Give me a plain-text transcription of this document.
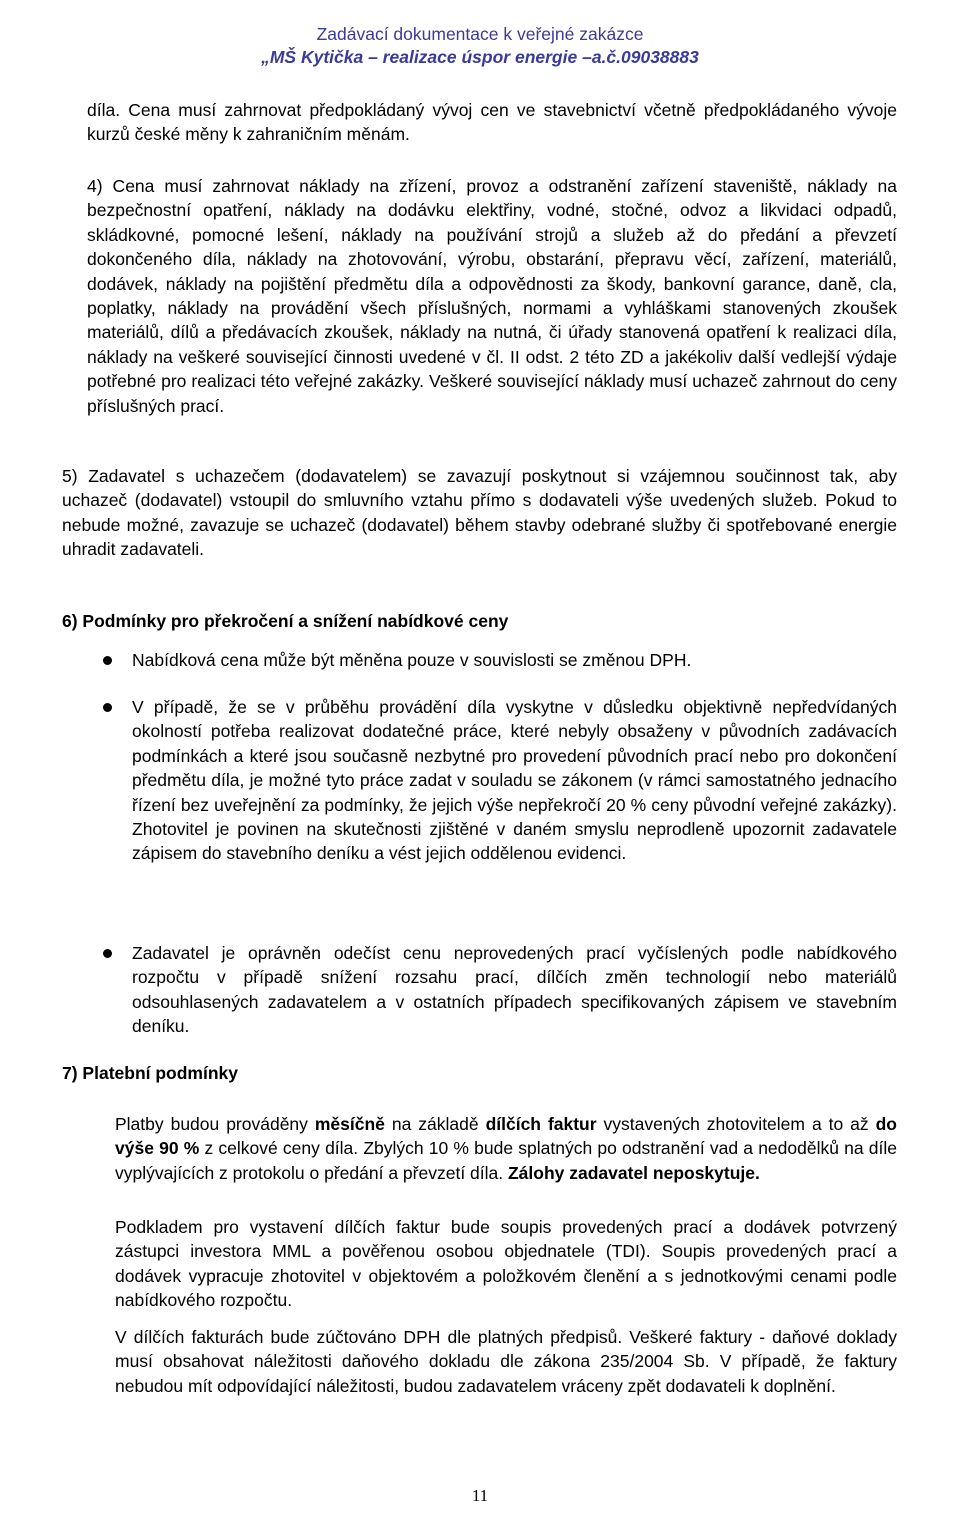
Zadávací dokumentace k veřejné zakázce
„MŠ Kytička – realizace úspor energie –a.č.09038883
díla. Cena musí zahrnovat předpokládaný vývoj cen ve stavebnictví včetně předpokládaného vývoje kurzů české měny k zahraničním měnám.
4) Cena musí zahrnovat náklady na zřízení, provoz a odstranění zařízení staveniště, náklady na bezpečnostní opatření, náklady na dodávku elektřiny, vodné, stočné, odvoz a likvidaci odpadů, skládkovné, pomocné lešení, náklady na používání strojů a služeb až do předání a převzetí dokončeného díla, náklady na zhotovování, výrobu, obstarání, přepravu věcí, zařízení, materiálů, dodávek, náklady na pojištění předmětu díla a odpovědnosti za škody, bankovní garance, daně, cla, poplatky, náklady na provádění všech příslušných, normami a vyhláškami stanovených zkoušek materiálů, dílů a předávacích zkoušek, náklady na nutná, či úřady stanovená opatření k realizaci díla, náklady na veškeré související činnosti uvedené v čl. II odst. 2 této ZD a jakékoliv další vedlejší výdaje potřebné pro realizaci této veřejné zakázky. Veškeré související náklady musí uchazeč zahrnout do ceny příslušných prací.
5) Zadavatel s uchazečem (dodavatelem) se zavazují poskytnout si vzájemnou součinnost tak, aby uchazeč (dodavatel) vstoupil do smluvního vztahu přímo s dodavateli výše uvedených služeb. Pokud to nebude možné, zavazuje se uchazeč (dodavatel) během stavby odebrané služby či spotřebované energie uhradit zadavateli.
6) Podmínky pro překročení a snížení nabídkové ceny
Nabídková cena může být měněna pouze v souvislosti se změnou DPH.
V případě, že se v průběhu provádění díla vyskytne v důsledku objektivně nepředvídaných okolností potřeba realizovat dodatečné práce, které nebyly obsaženy v původních zadávacích podmínkách a které jsou současně nezbytné pro provedení původních prací nebo pro dokončení předmětu díla, je možné tyto práce zadat v souladu se zákonem (v rámci samostatného jednacího řízení bez uveřejnění za podmínky, že jejich výše nepřekročí 20 % ceny původní veřejné zakázky). Zhotovitel je povinen na skutečnosti zjištěné v daném smyslu neprodleně upozornit zadavatele zápisem do stavebního deníku a vést jejich oddělenou evidenci.
Zadavatel je oprávněn odečíst cenu neprovedených prací vyčíslených podle nabídkového rozpočtu v případě snížení rozsahu prací, dílčích změn technologií nebo materiálů odsouhlasených zadavatelem a v ostatních případech specifikovaných zápisem ve stavebním deníku.
7) Platební podmínky
Platby budou prováděny měsíčně na základě dílčích faktur vystavených zhotovitelem a to až do výše 90 % z celkové ceny díla. Zbylých 10 % bude splatných po odstranění vad a nedodělků na díle vyplývajících z protokolu o předání a převzetí díla. Zálohy zadavatel neposkytuje.
Podkladem pro vystavení dílčích faktur bude soupis provedených prací a dodávek potvrzený zástupci investora MML a pověřenou osobou objednatele (TDI). Soupis provedených prací a dodávek vypracuje zhotovitel v objektovém a položkovém členění a s jednotkovými cenami podle nabídkového rozpočtu.
V dílčích fakturách bude zúčtováno DPH dle platných předpisů. Veškeré faktury - daňové doklady musí obsahovat náležitosti daňového dokladu dle zákona 235/2004 Sb. V případě, že faktury nebudou mít odpovídající náležitosti, budou zadavatelem vráceny zpět dodavateli k doplnění.
11
